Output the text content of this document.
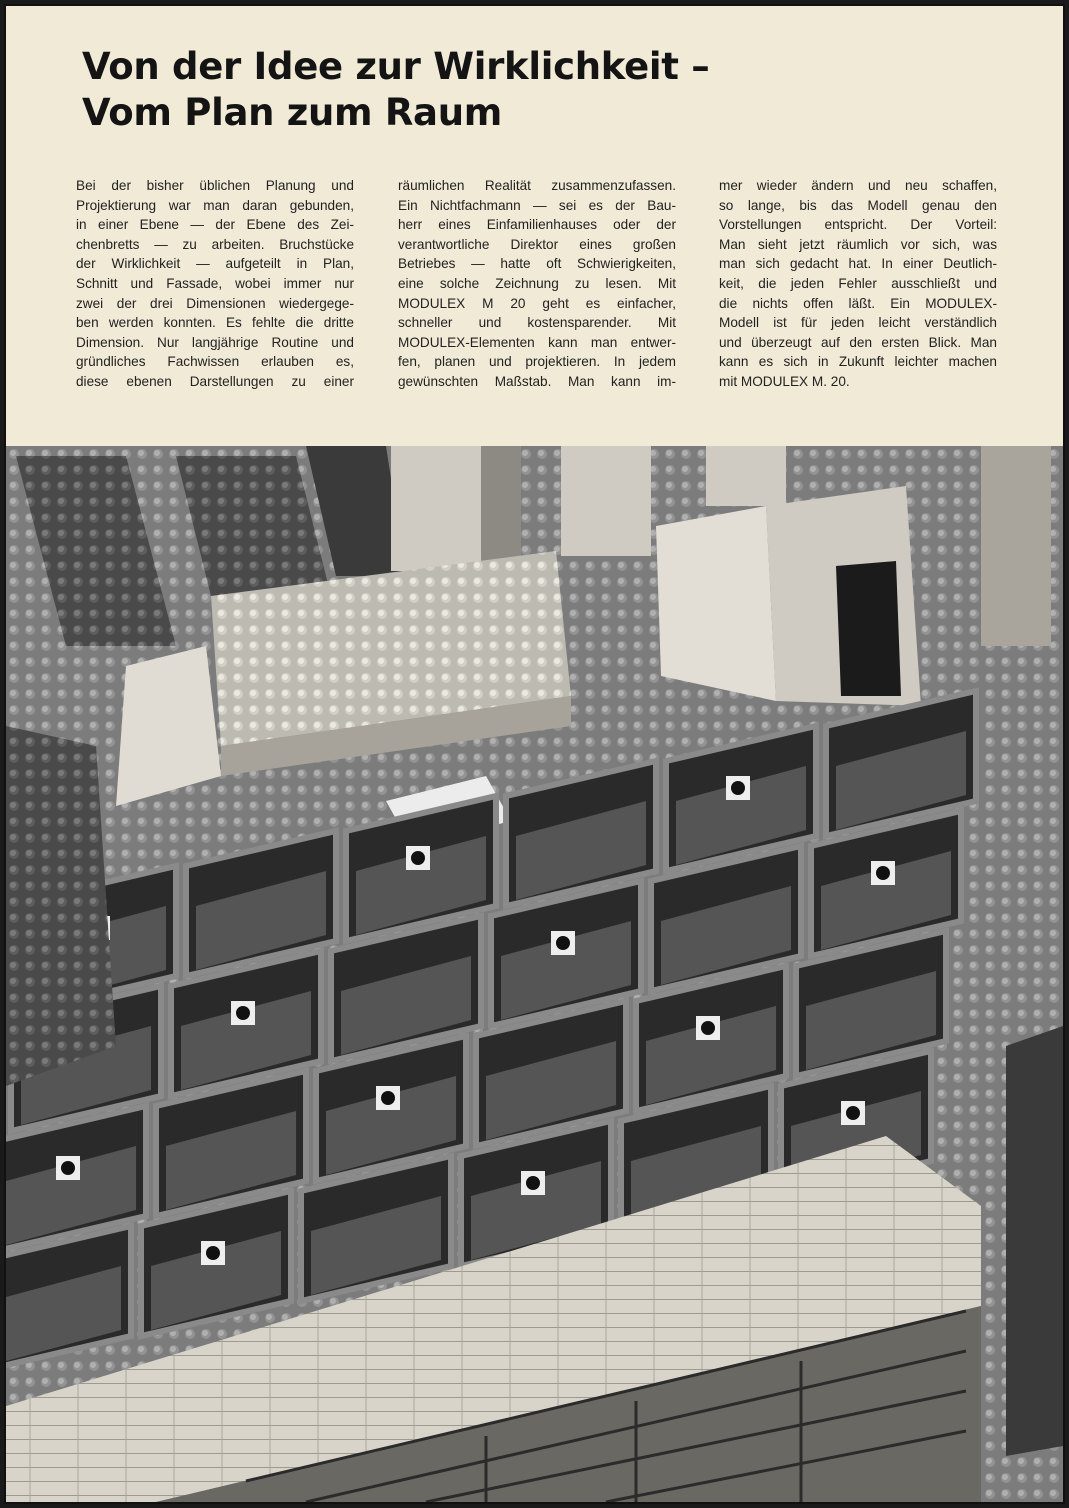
Von der Idee zur Wirklichkeit –
Vom Plan zum Raum
Bei der bisher üblichen Planung und
Projektierung war man daran gebunden,
in einer Ebene — der Ebene des Zei-
chenbretts — zu arbeiten. Bruchstücke
der Wirklichkeit — aufgeteilt in Plan,
Schnitt und Fassade, wobei immer nur
zwei der drei Dimensionen wiedergege-
ben werden konnten. Es fehlte die dritte
Dimension. Nur langjährige Routine und
gründliches Fachwissen erlauben es,
diese ebenen Darstellungen zu einer
räumlichen Realität zusammenzufassen.
Ein Nichtfachmann — sei es der Bau-
herr eines Einfamilienhauses oder der
verantwortliche Direktor eines großen
Betriebes — hatte oft Schwierigkeiten,
eine solche Zeichnung zu lesen. Mit
MODULEX M 20 geht es einfacher,
schneller und kostensparender. Mit
MODULEX-Elementen kann man entwer-
fen, planen und projektieren. In jedem
gewünschten Maßstab. Man kann im-
mer wieder ändern und neu schaffen,
so lange, bis das Modell genau den
Vorstellungen entspricht. Der Vorteil:
Man sieht jetzt räumlich vor sich, was
man sich gedacht hat. In einer Deutlich-
keit, die jeden Fehler ausschließt und
die nichts offen läßt. Ein MODULEX-
Modell ist für jeden leicht verständlich
und überzeugt auf den ersten Blick. Man
kann es sich in Zukunft leichter machen
mit MODULEX M. 20.
